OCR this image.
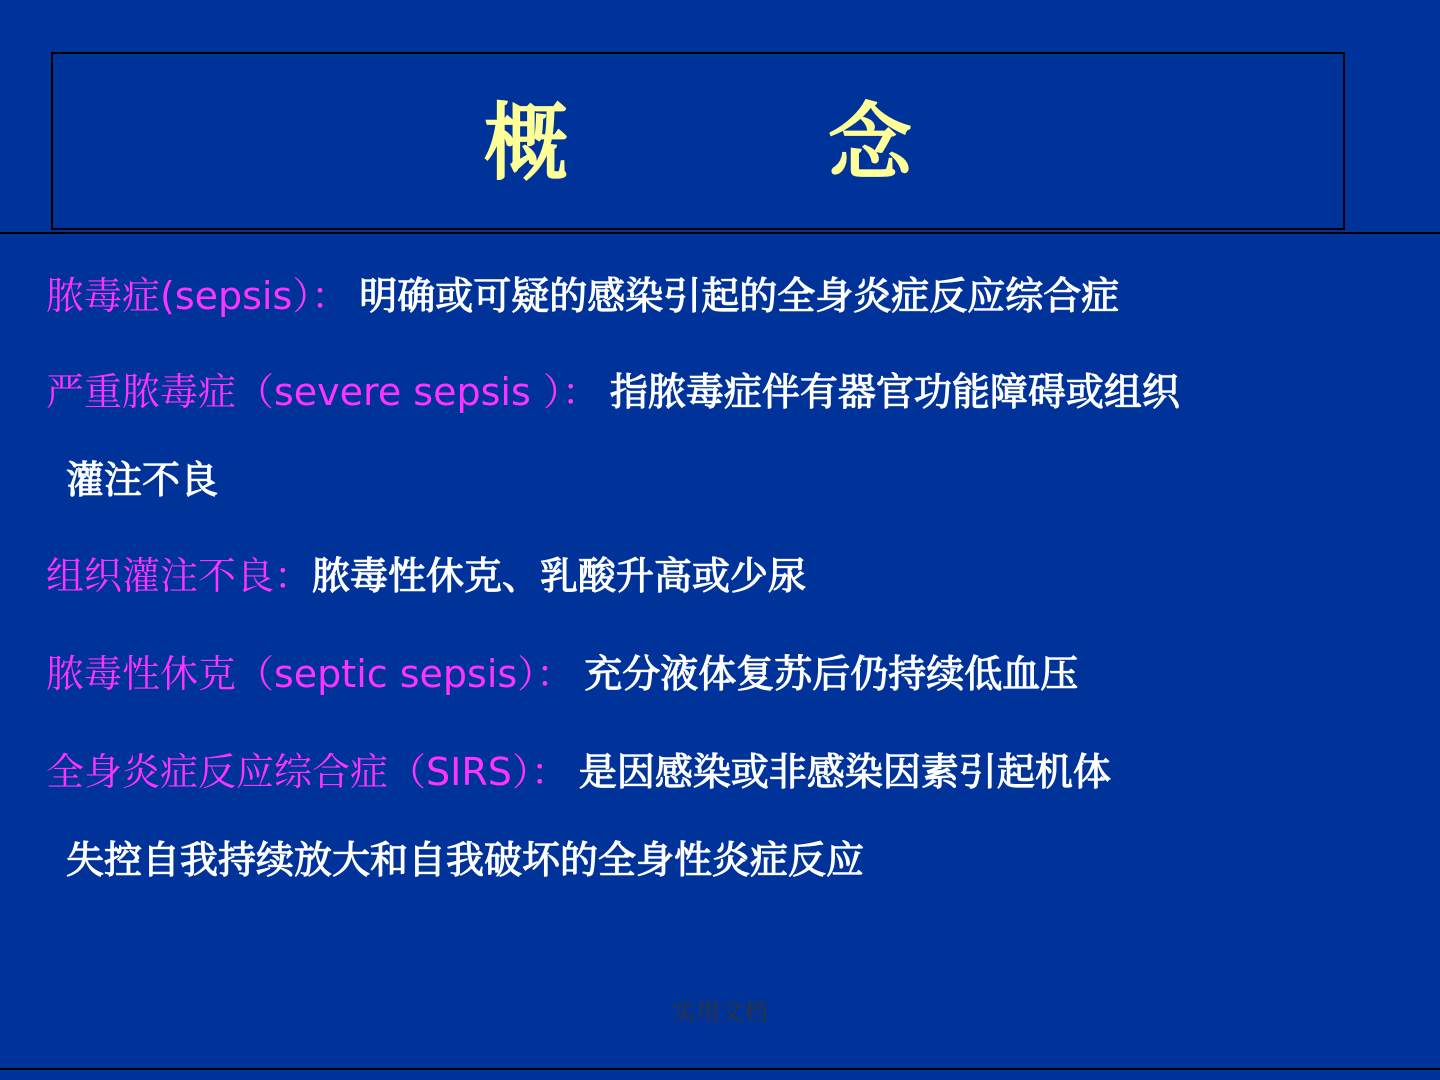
概　念
脓毒症(sepsis）： 明确或可疑的感染引起的全身炎症反应综合症
严重脓毒症（severe sepsis ）： 指脓毒症伴有器官功能障碍或组织
灌注不良
组织灌注不良：脓毒性休克、乳酸升高或少尿
脓毒性休克（septic sepsis）： 充分液体复苏后仍持续低血压
全身炎症反应综合症（SIRS）： 是因感染或非感染因素引起机体
失控自我持续放大和自我破坏的全身性炎症反应
实用文档
